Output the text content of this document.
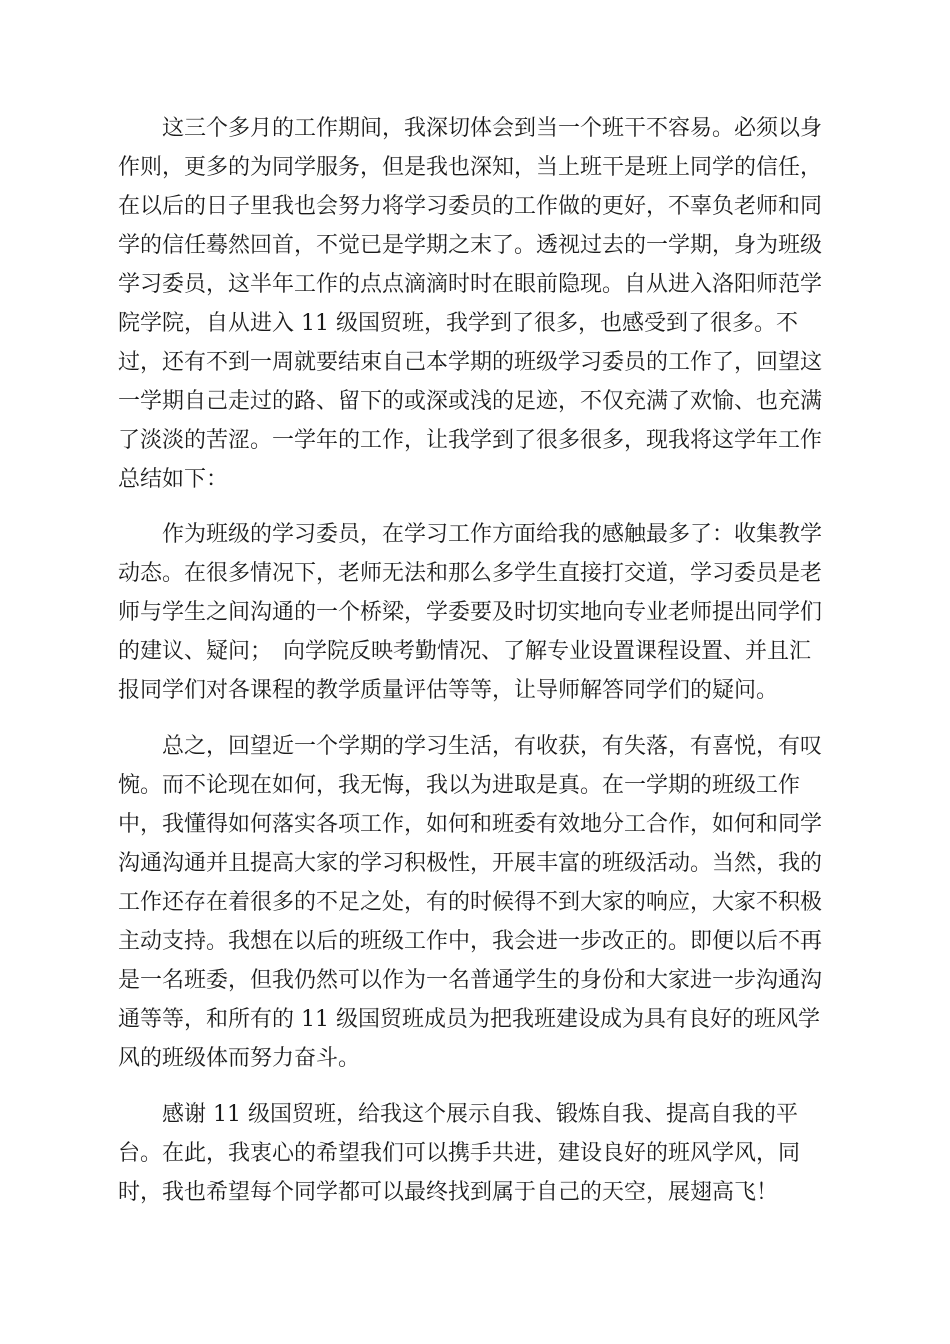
这三个多月的工作期间，我深切体会到当一个班干不容易。必须以身

作则，更多的为同学服务，但是我也深知，当上班干是班上同学的信任，

在以后的日子里我也会努力将学习委员的工作做的更好，不辜负老师和同

学的信任蓦然回首，不觉已是学期之末了。透视过去的一学期，身为班级

学习委员，这半年工作的点点滴滴时时在眼前隐现。自从进入洛阳师范学

院学院，自从进入 11 级国贸班，我学到了很多，也感受到了很多。不

过，还有不到一周就要结束自己本学期的班级学习委员的工作了，回望这

一学期自己走过的路、留下的或深或浅的足迹，不仅充满了欢愉、也充满

了淡淡的苦涩。一学年的工作，让我学到了很多很多，现我将这学年工作

总结如下：

作为班级的学习委员，在学习工作方面给我的感触最多了：收集教学

动态。在很多情况下，老师无法和那么多学生直接打交道，学习委员是老

师与学生之间沟通的一个桥梁，学委要及时切实地向专业老师提出同学们

的建议、疑问；　向学院反映考勤情况、了解专业设置课程设置、并且汇

报同学们对各课程的教学质量评估等等，让导师解答同学们的疑问。

总之，回望近一个学期的学习生活，有收获，有失落，有喜悦，有叹

惋。而不论现在如何，我无悔，我以为进取是真。在一学期的班级工作

中，我懂得如何落实各项工作，如何和班委有效地分工合作，如何和同学

沟通沟通并且提高大家的学习积极性，开展丰富的班级活动。当然，我的

工作还存在着很多的不足之处，有的时候得不到大家的响应，大家不积极

主动支持。我想在以后的班级工作中，我会进一步改正的。即便以后不再

是一名班委，但我仍然可以作为一名普通学生的身份和大家进一步沟通沟

通等等，和所有的 11 级国贸班成员为把我班建设成为具有良好的班风学

风的班级体而努力奋斗。

感谢 11 级国贸班，给我这个展示自我、锻炼自我、提高自我的平

台。在此，我衷心的希望我们可以携手共进，建设良好的班风学风，同

时，我也希望每个同学都可以最终找到属于自己的天空，展翅高飞！
